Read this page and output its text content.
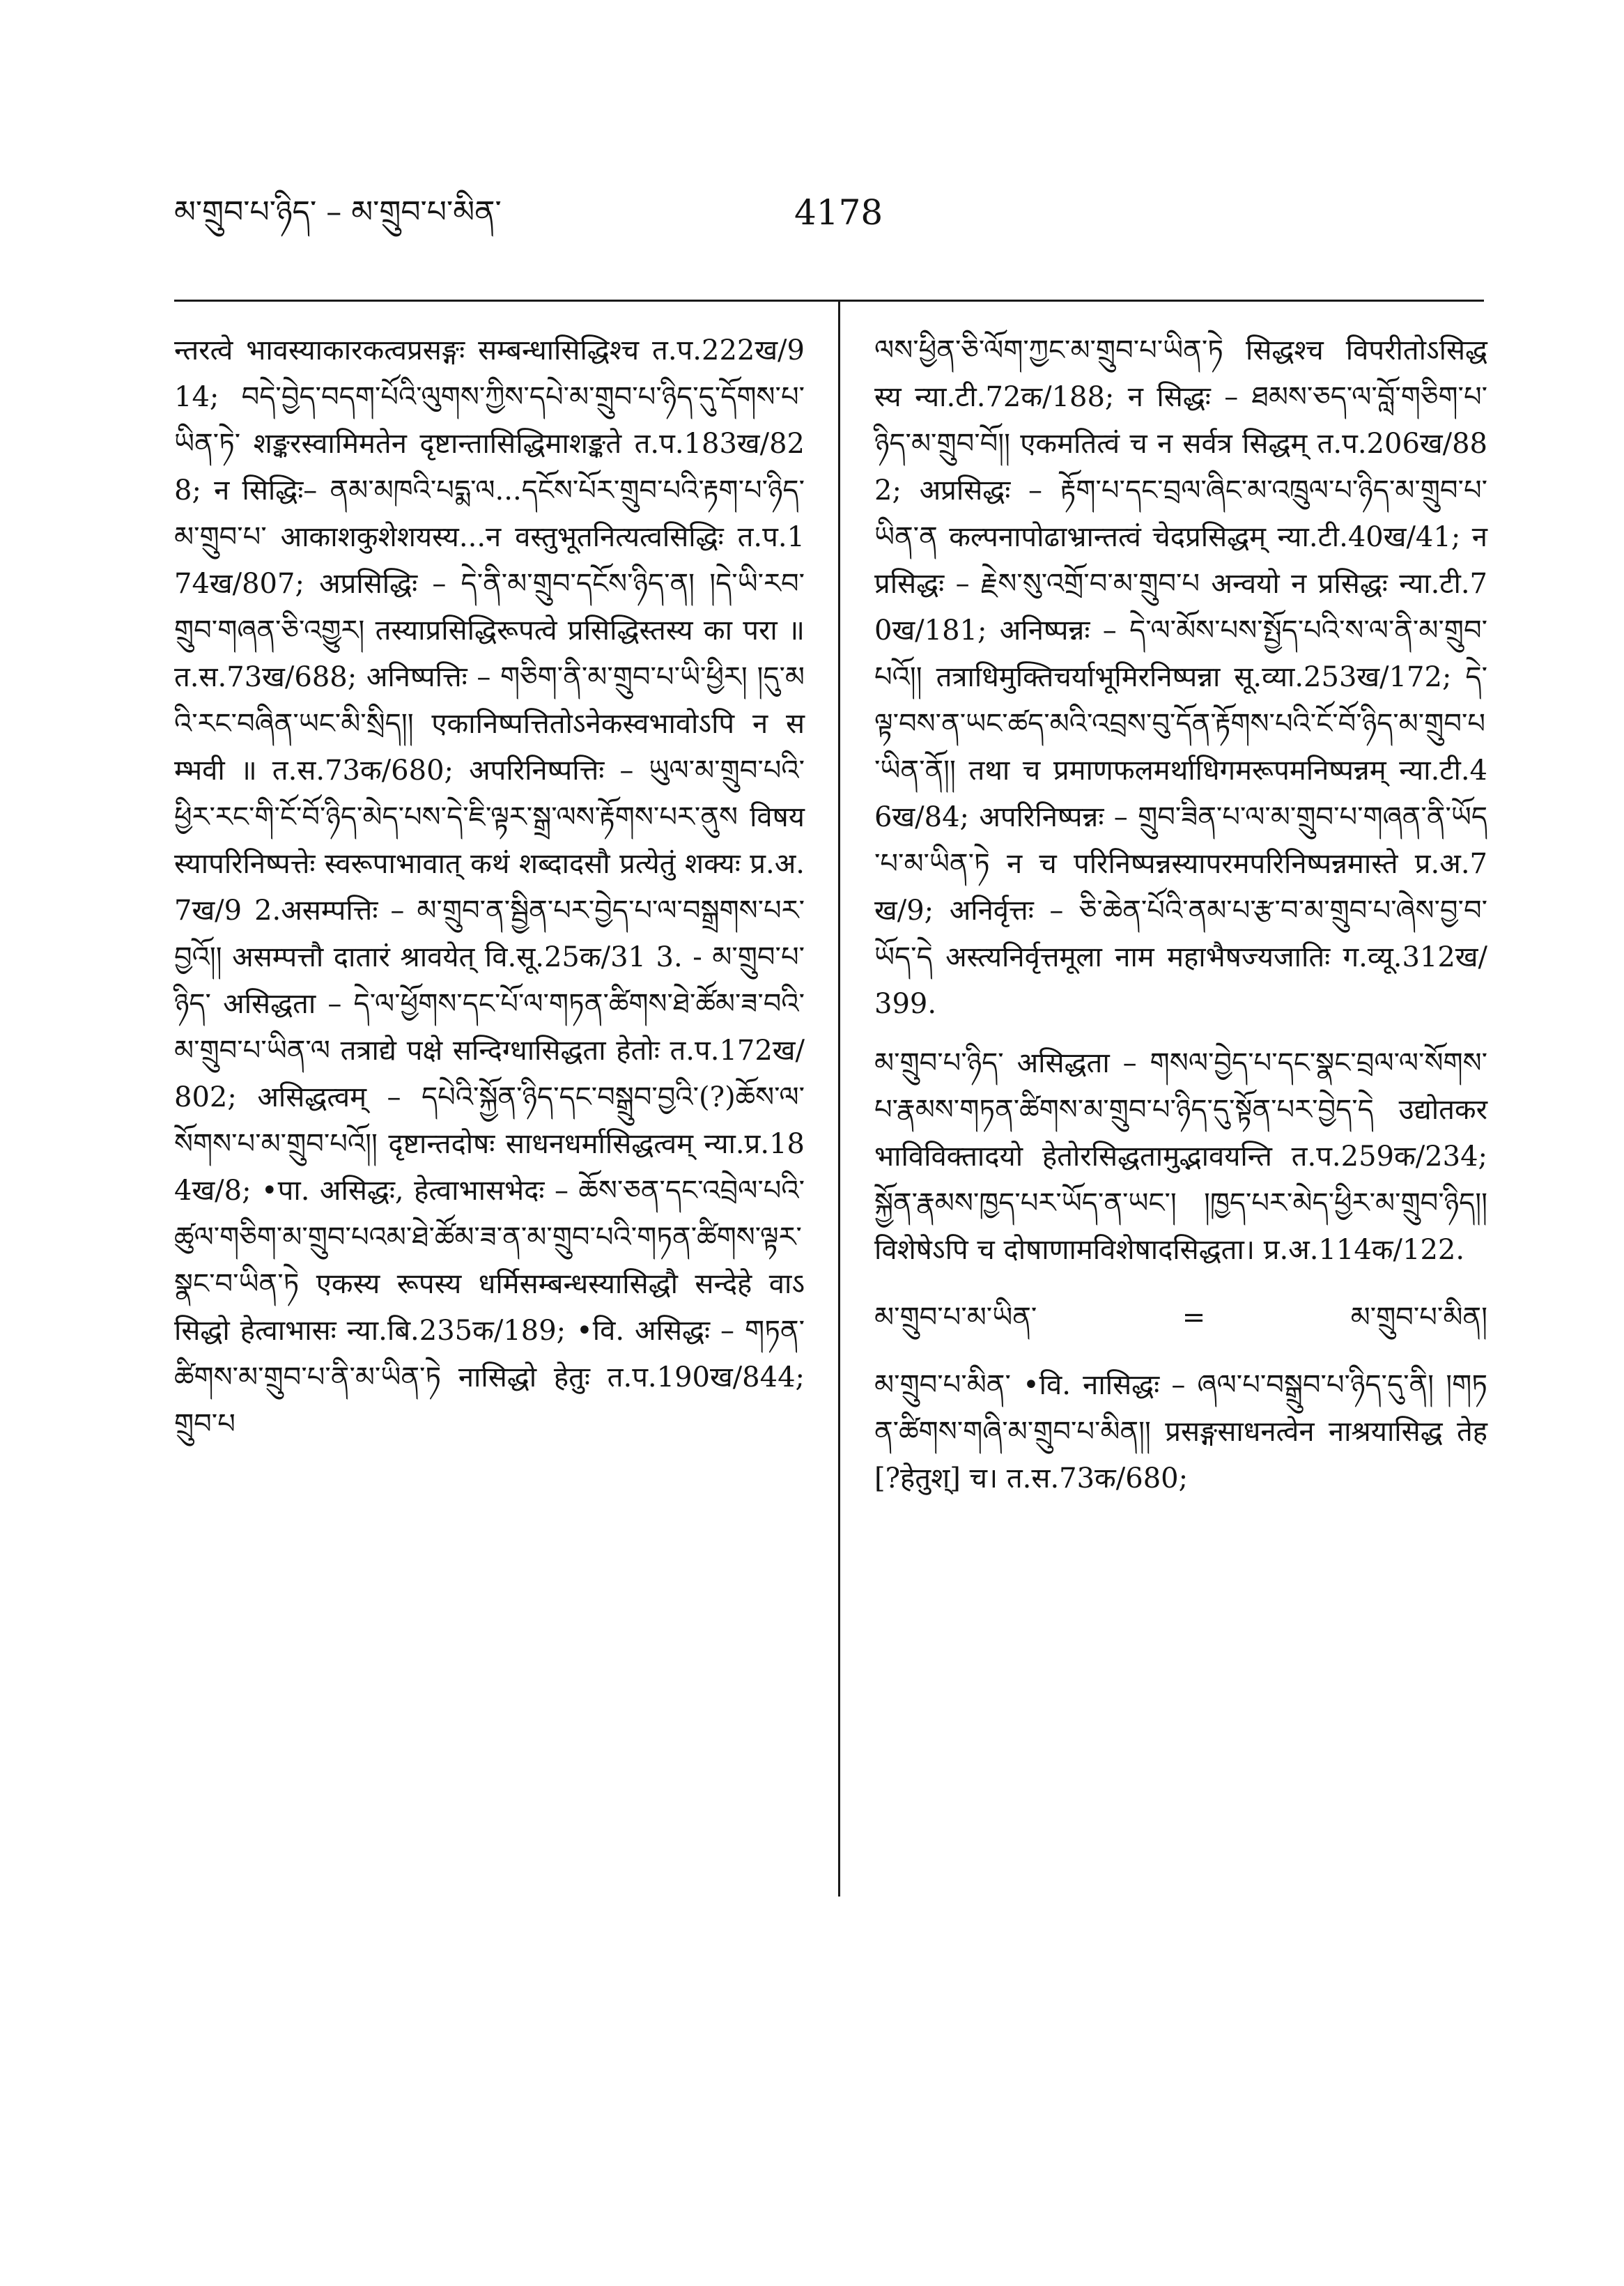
མ་གྲུབ་པ་ཉིད་ – མ་གྲུབ་པ་མིན་	4178

न्तरत्वे भावस्याकारकत्वप्रसङ्गः सम्बन्धासिद्धिश्च त.प.222ख/914; བདེ་བྱེད་བདག་པོའི་ལུགས་ཀྱིས་དཔེ་མ་གྲུབ་པ་ཉིད་དུ་དོགས་པ་ཡིན་ཏེ་ शङ्करस्वामिमतेन दृष्टान्तासिद्धिमाशङ्कते त.प.183ख/828; न सिद्धिः– ནམ་མཁའི་པདྨ་ལ...དངོས་པོར་གྲུབ་པའི་རྟག་པ་ཉིད་མ་གྲུབ་པ་ आकाशकुशेशयस्य...न वस्तुभूतनित्यत्वसिद्धिः त.प.174ख/807; अप्रसिद्धिः – དེ་ནི་མ་གྲུབ་དངོས་ཉིད་ན། །དེ་ཡི་རབ་གྲུབ་གཞན་ཅི་འགྱུར། तस्याप्रसिद्धिरूपत्वे प्रसिद्धिस्तस्य का परा ॥ त.स.73ख/688; अनिष्पत्तिः – གཅིག་ནི་མ་གྲུབ་པ་ཡི་ཕྱིར། །དུ་མའི་རང་བཞིན་ཡང་མི་སྲིད།། एकानिष्पत्तितोऽनेकस्वभावोऽपि न सम्भवी ॥ त.स.73क/680; अपरिनिष्पत्तिः – ཡུལ་མ་གྲུབ་པའི་ཕྱིར་རང་གི་ངོ་བོ་ཉིད་མེད་པས་དེ་ཇི་ལྟར་སྒྲ་ལས་རྟོགས་པར་ནུས विषयस्यापरिनिष्पत्तेः स्वरूपाभावात् कथं शब्दादसौ प्रत्येतुं शक्यः प्र.अ.7ख/9 2.असम्पत्तिः – མ་གྲུབ་ན་སྦྱིན་པར་བྱེད་པ་ལ་བསྒྲགས་པར་བྱའོ།། असम्पत्तौ दातारं श्रावयेत् वि.सू.25क/31 3. - མ་གྲུབ་པ་ཉིད་ असिद्धता – དེ་ལ་ཕྱོགས་དང་པོ་ལ་གཏན་ཚིགས་ཐེ་ཚོམ་ཟ་བའི་མ་གྲུབ་པ་ཡིན་ལ तत्राद्ये पक्षे सन्दिग्धासिद्धता हेतोः त.प.172ख/802; असिद्धत्वम् – དཔེའི་སྐྱོན་ཉིད་དང་བསྒྲུབ་བྱའི་(?)ཆོས་ལ་སོགས་པ་མ་གྲུབ་པའོ།། दृष्टान्तदोषः साधनधर्मासिद्धत्वम् न्या.प्र.184ख/8; •पा. असिद्धः, हेत्वाभासभेदः – ཆོས་ཅན་དང་འབྲེལ་པའི་ཚུལ་གཅིག་མ་གྲུབ་པའམ་ཐེ་ཚོམ་ཟ་ན་མ་གྲུབ་པའི་གཏན་ཚིགས་ལྟར་སྣང་བ་ཡིན་ཏེ एकस्य रूपस्य धर्मिसम्बन्धस्यासिद्धौ सन्देहे वाऽसिद्धो हेत्वाभासः न्या.बि.235क/189; •वि. असिद्धः – གཏན་ཚིགས་མ་གྲུབ་པ་ནི་མ་ཡིན་ཏེ नासिद्धो हेतुः त.प.190ख/844; གྲུབ་པ

ལས་ཕྱིན་ཅི་ལོག་ཀྱང་མ་གྲུབ་པ་ཡིན་ཏེ सिद्धश्च विपरीतोऽसिद्धस्य न्या.टी.72क/188; न सिद्धः – ཐམས་ཅད་ལ་བློ་གཅིག་པ་ཉིད་མ་གྲུབ་བོ།། एकमतित्वं च न सर्वत्र सिद्धम् त.प.206ख/882; अप्रसिद्धः – རྟོག་པ་དང་བྲལ་ཞིང་མ་འཁྲུལ་པ་ཉིད་མ་གྲུབ་པ་ཡིན་ན कल्पनापोढाभ्रान्तत्वं चेदप्रसिद्धम् न्या.टी.40ख/41; न प्रसिद्धः – རྗེས་སུ་འགྲོ་བ་མ་གྲུབ་པ अन्वयो न प्रसिद्धः न्या.टी.70ख/181; अनिष्पन्नः – དེ་ལ་མོས་པས་སྤྱོད་པའི་ས་ལ་ནི་མ་གྲུབ་པའོ།། तत्राधिमुक्तिचर्याभूमिरनिष्पन्ना सू.व्या.253ख/172; དེ་ལྟ་བས་ན་ཡང་ཚད་མའི་འབྲས་བུ་དོན་རྟོགས་པའི་ངོ་བོ་ཉིད་མ་གྲུབ་པ་ཡིན་ནོ།། तथा च प्रमाणफलमर्थाधिगमरूपमनिष्पन्नम् न्या.टी.46ख/84; अपरिनिष्पन्नः – གྲུབ་ཟིན་པ་ལ་མ་གྲུབ་པ་གཞན་ནི་ཡོད་པ་མ་ཡིན་ཏེ न च परिनिष्पन्नस्यापरमपरिनिष्पन्नमास्ते प्र.अ.7ख/9; अनिर्वृत्तः – ཅི་ཆེན་པོའི་ནམ་པ་རྩ་བ་མ་གྲུབ་པ་ཞེས་བྱ་བ་ཡོད་དེ अस्त्यनिर्वृत्तमूला नाम महाभैषज्यजातिः ग.व्यू.312ख/399.

མ་གྲུབ་པ་ཉིད་ असिद्धता – གསལ་བྱེད་པ་དང་སྣང་བྲལ་ལ་སོགས་པ་རྣམས་གཏན་ཚིགས་མ་གྲུབ་པ་ཉིད་དུ་སྟོན་པར་བྱེད་དེ उद्योतकरभाविविक्तादयो हेतोरसिद्धतामुद्भावयन्ति त.प.259क/234; སྐྱོན་རྣམས་ཁྱད་པར་ཡོད་ན་ཡང་། །ཁྱད་པར་མེད་ཕྱིར་མ་གྲུབ་ཉིད།། विशेषेऽपि च दोषाणामविशेषादसिद्धता। प्र.अ.114क/122.

མ་གྲུབ་པ་མ་ཡིན་	=	མ་གྲུབ་པ་མིན།

མ་གྲུབ་པ་མིན་ •वि. नासिद्धः – ཞལ་པ་བསྒྲུབ་པ་ཉིད་དུ་ནི། །གཏན་ཚིགས་གཞི་མ་གྲུབ་པ་མིན།། प्रसङ्गसाधनत्वेन नाश्रयासिद्ध तेह[?हेतुश्] च। त.स.73क/680;
